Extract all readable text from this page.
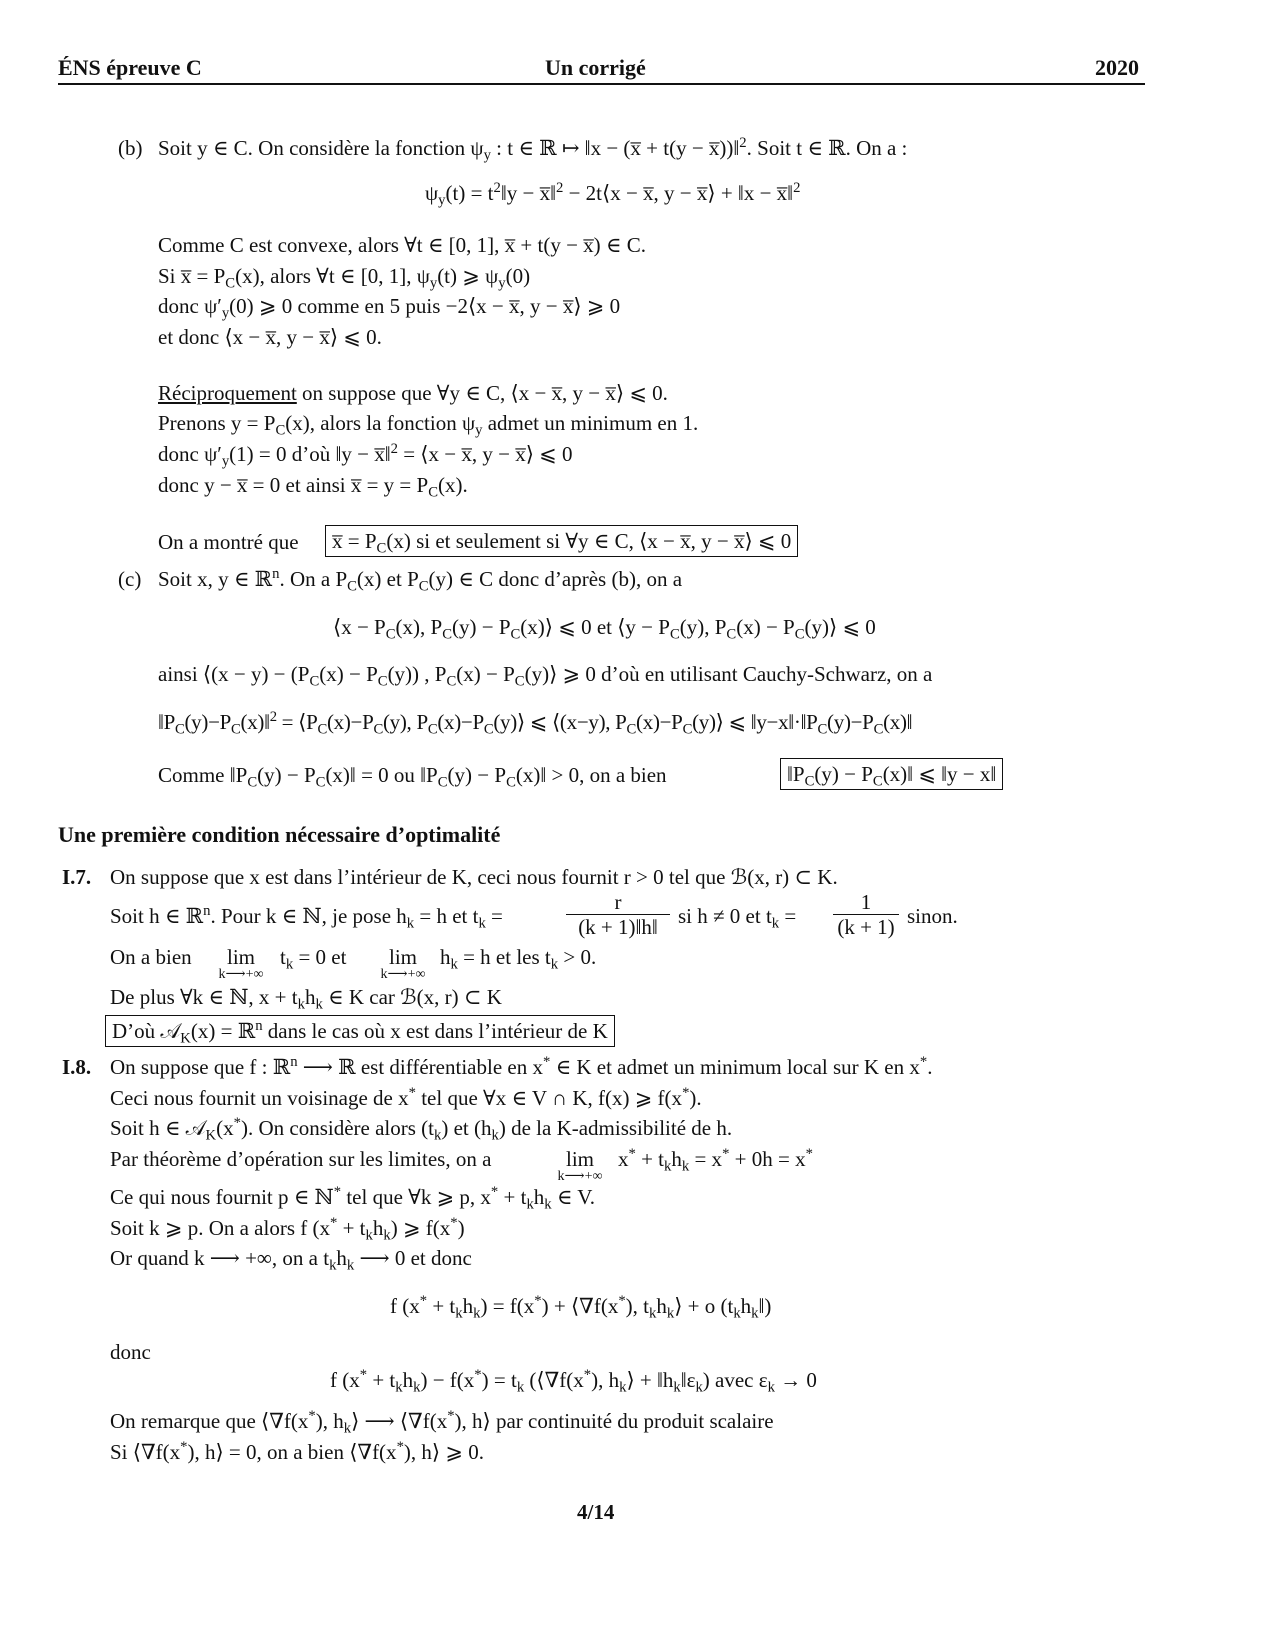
ÉNS épreuve C	Un corrigé	2020
(b) Soit y ∈ C. On considère la fonction $\psi_y$ : t ∈ ℝ ↦ ‖x − (x̅ + t(y − x̅))‖$^2$. Soit t ∈ ℝ. On a :
$\psi_y(t)$ = $t^2‖y$ − x̅‖$^2$ − 2t⟨x − x̅, y − x̅⟩ + ‖x − x̅‖$^2$
Comme C est convexe, alors ∀t ∈ [0, 1], x̅ + t(y − x̅) ∈ C.
Si x̅ = $P_C(x)$, alors ∀t ∈ [0, 1], $\psi_y(t)$ ⩾ $\psi_y(0)$
donc $\psi'_y(0)$ ⩾ 0 comme en 5 puis −2⟨x − x̅, y − x̅⟩ ⩾ 0
et donc ⟨x − x̅, y − x̅⟩ ⩽ 0.
Réciproquement on suppose que ∀y ∈ C, ⟨x − x̅, y − x̅⟩ ⩽ 0.
Prenons $y = P_C(x)$, alors la fonction $\psi_y$ admet un minimum en 1.
donc $\psi'_y(1) = 0$ d’où ‖y − x̅‖$^2$ = ⟨x − x̅, y − x̅⟩ ⩽ 0
donc y − x̅ = 0 et ainsi x̅ = $y = P_C(x)$.
On a montré que	x̅ = $P_C(x)$ si et seulement si ∀y ∈ C, ⟨x − x̅, y − x̅⟩ ⩽ 0
(c) Soit x, y ∈ ℝ$^n$. On a $P_C(x)$ et $P_C(y)$ ∈ C donc d’après (b), on a
⟨x − $P_C(x)$, $P_C(y)$ − $P_C(x)⟩$ ⩽ 0 et ⟨y − $P_C(y)$, $P_C(x)$ − $P_C(y)⟩$ ⩽ 0
ainsi ⟨(x − $y) - (P_C(x) - P_C(y))$ , $P_C(x)$ − $P_C(y)⟩$ ⩾ 0 d’où en utilisant Cauchy-Schwarz, on a
$‖P_C(y)-P_C(x)‖^2$ = $⟨P_C(x)-P_C(y)$, $P_C(x)-P_C(y)⟩$ ⩽ ⟨(x−y), $P_C(x)-P_C(y)⟩$ ⩽ $‖y-x‖\cdot‖P_C(y)-P_C(x)‖$
Comme $‖P_C(y)$ − $P_C(x)‖ = 0$ ou $‖P_C(y)$ − $P_C(x)‖ > 0$, on a bien	$‖P_C(y)$ − $P_C(x)‖$ ⩽ ‖y − x‖
Une première condition nécessaire d’optimalité
I.7. On suppose que x est dans l’intérieur de K, ceci nous fournit r > 0 tel que ℬ(x, r) ⊂ K.
Soit h ∈ ℝ$^n$. Pour k ∈ ℕ, je pose $h_k = h$ et $t_k$ =	$\frac{r}{(k + 1)‖h‖}$ si h ≠ 0 et $t_k = \frac{1}{(k + 1)}$ sinon.
On a bien	lim
k⟶+∞
$t_k = 0$ et	lim
k⟶+∞
$h_k = h$ et les $t_k > 0$.
De plus ∀k ∈ ℕ, $x + t_kh_k$ ∈ K car ℬ(x, r) ⊂ K
D’où 𝒜$_K$(x) = ℝ$^n$ dans le cas où x est dans l’intérieur de K
I.8. On suppose que f : ℝ$^n$ ⟶ ℝ est différentiable en x* ∈ K et admet un minimum local sur K en x*.
Ceci nous fournit un voisinage de x* tel que ∀x ∈ V ∩ K, f(x) ⩾ f(x*).
Soit h ∈ 𝒜$_K$(x*). On considère alors $(t_k)$ et $(h_k)$ de la K-admissibilité de h.
Par théorème d’opération sur les limites, on a	lim
k⟶+∞
$x^* + t_kh_k = x^* + 0h = x^*$
Ce qui nous fournit p ∈ ℕ* tel que ∀k ⩾ p, $x^* + t_kh_k$ ∈ V.
Soit k ⩾ p. On a alors f $(x^* + t_kh_k)$ ⩾ f(x*)
Or quand k ⟶ +∞, on a $t_kh_k$ ⟶ 0 et donc
f $(x^* + t_kh_k) = f(x^*)$ + ⟨∇f(x*), $t_kh_k⟩ + o$ $(t_kh_k‖)$
donc
f $(x^* + t_kh_k) - f(x^*) = t_k$ (⟨∇f(x*), $h_k⟩$ + $‖h_k‖\varepsilon_k$) avec $\varepsilon_k \to 0$
On remarque que ⟨∇f(x*), $h_k⟩$ ⟶ ⟨∇f(x*), h⟩ par continuité du produit scalaire
Si ⟨∇f(x*), h⟩ = 0, on a bien ⟨∇f(x*), h⟩ ⩾ 0.
4/14
